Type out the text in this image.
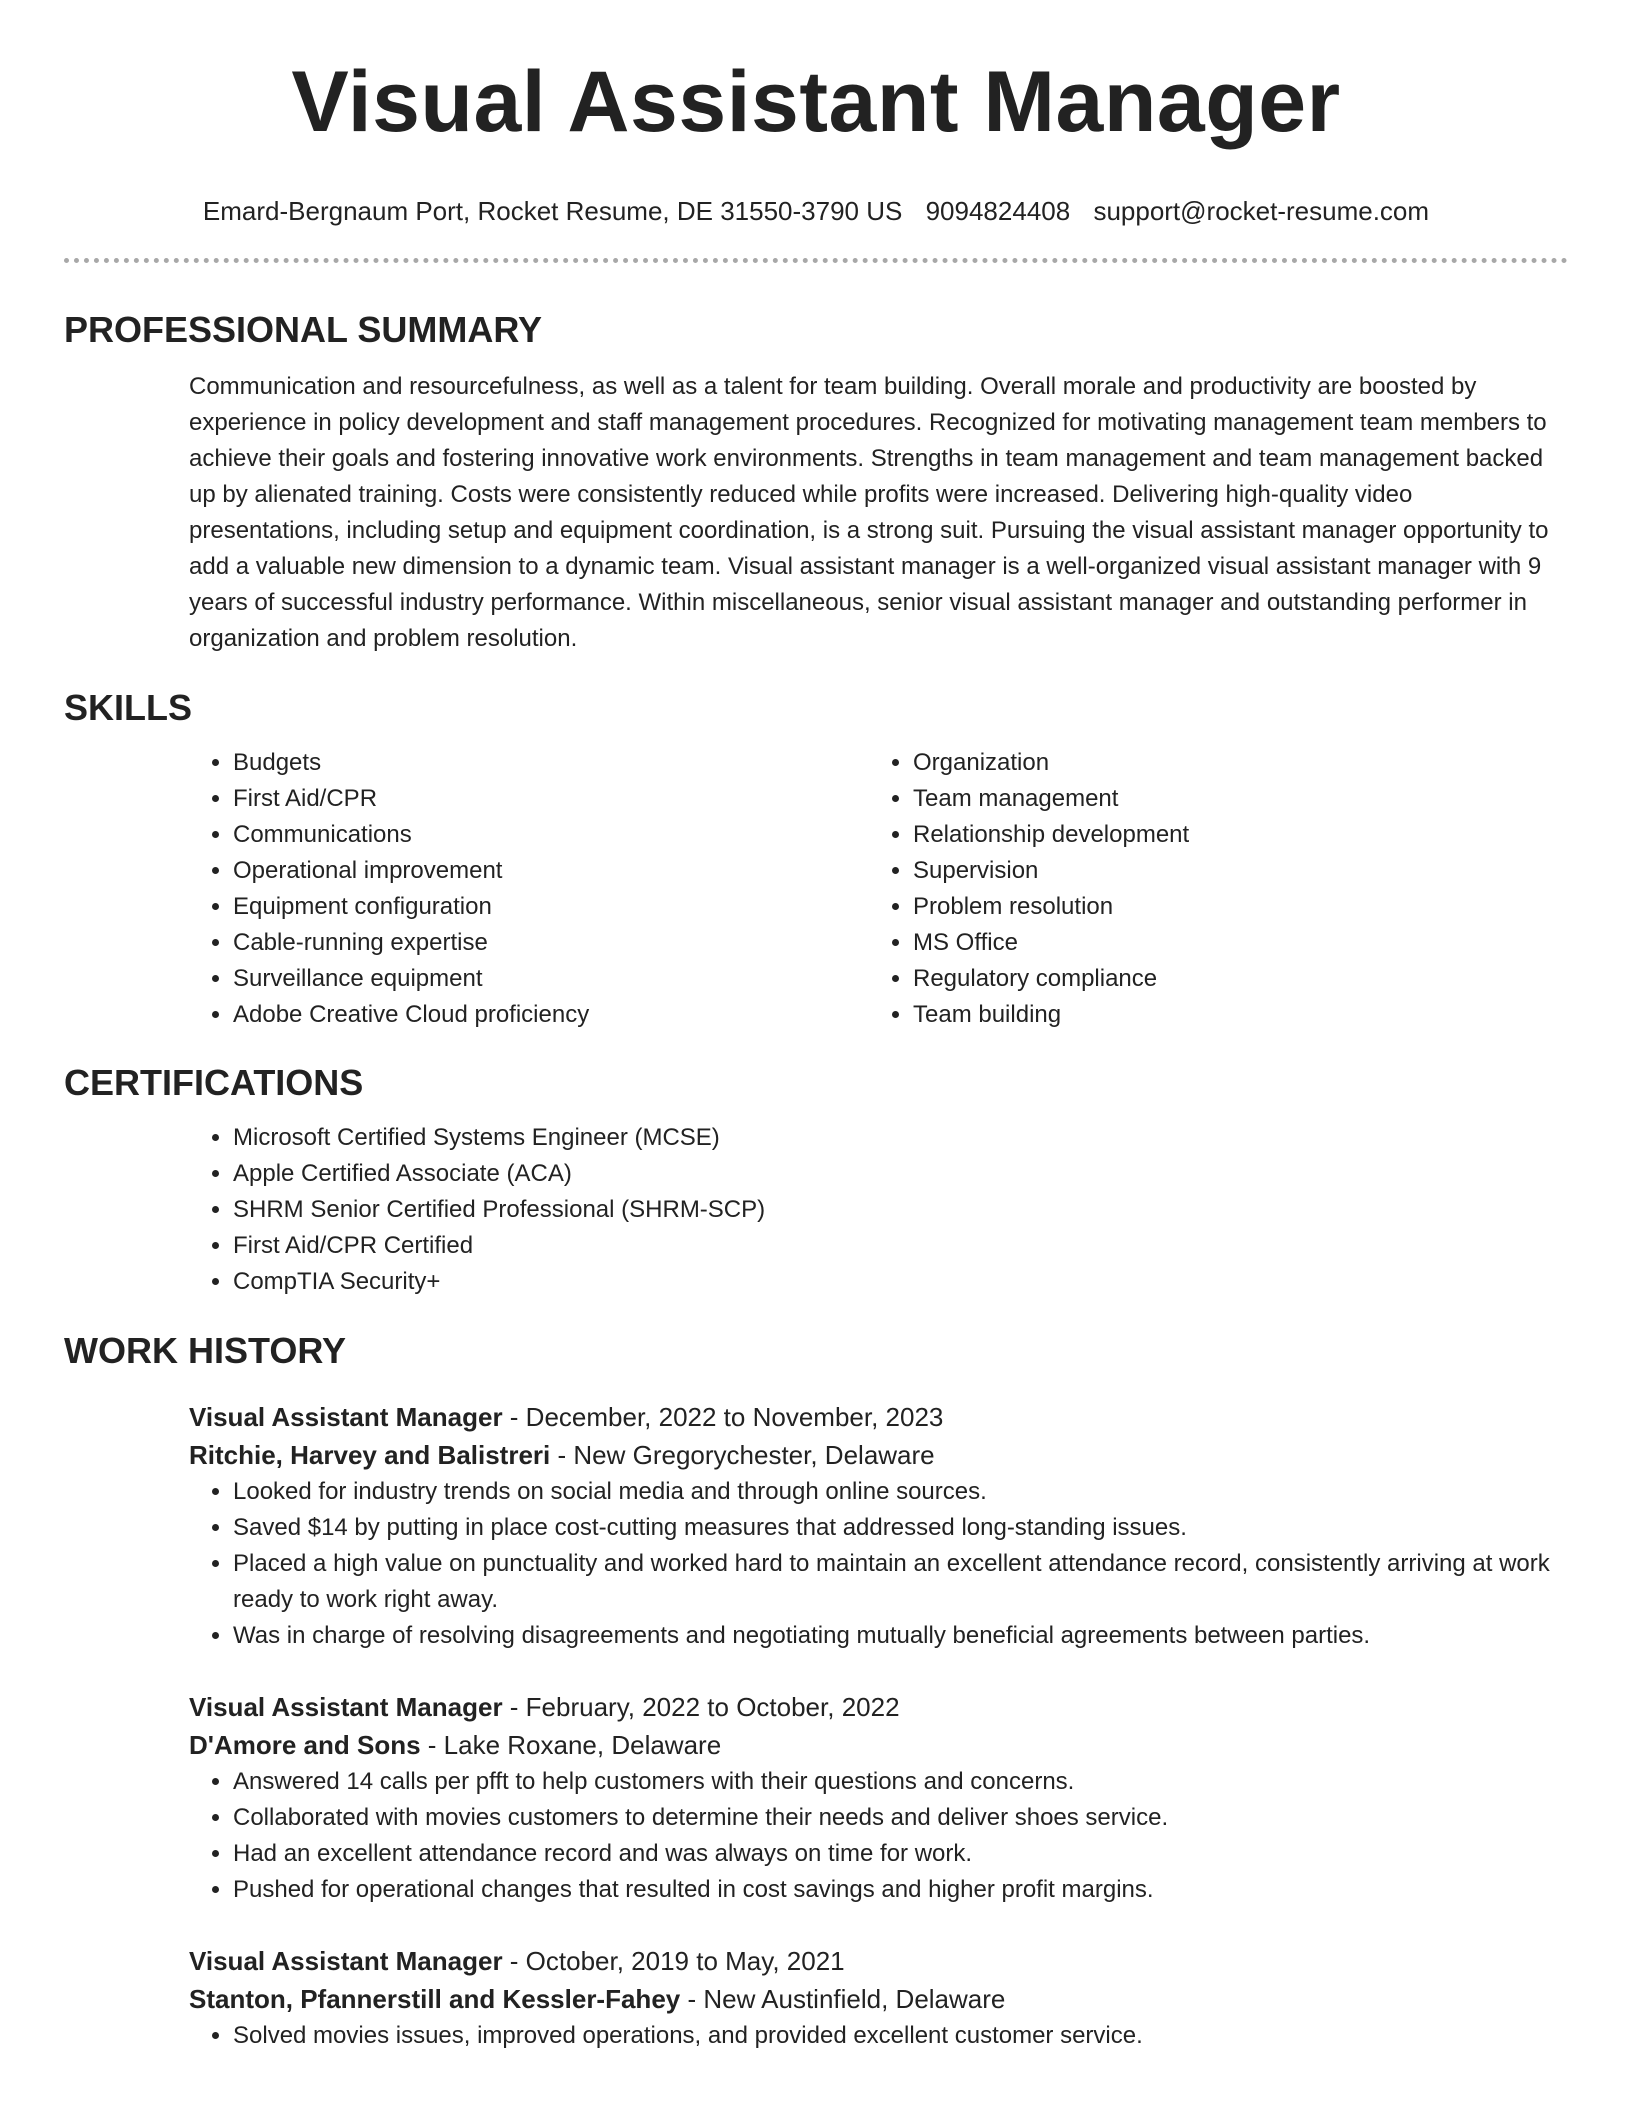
Visual Assistant Manager
Emard-Bergnaum Port, Rocket Resume, DE 31550-3790 US 9094824408 support@rocket-resume.com
PROFESSIONAL SUMMARY

Communication and resourcefulness, as well as a talent for team building. Overall morale and productivity are boosted by experience in policy development and staff management procedures. Recognized for motivating management team members to achieve their goals and fostering innovative work environments. Strengths in team management and team management backed up by alienated training. Costs were consistently reduced while profits were increased. Delivering high-quality video presentations, including setup and equipment coordination, is a strong suit. Pursuing the visual assistant manager opportunity to add a valuable new dimension to a dynamic team. Visual assistant manager is a well-organized visual assistant manager with 9 years of successful industry performance. Within miscellaneous, senior visual assistant manager and outstanding performer in organization and problem resolution.

SKILLS
• Budgets
• First Aid/CPR
• Communications
• Operational improvement
• Equipment configuration
• Cable-running expertise
• Surveillance equipment
• Adobe Creative Cloud proficiency
• Organization
• Team management
• Relationship development
• Supervision
• Problem resolution
• MS Office
• Regulatory compliance
• Team building
CERTIFICATIONS
• Microsoft Certified Systems Engineer (MCSE)
• Apple Certified Associate (ACA)
• SHRM Senior Certified Professional (SHRM-SCP)
• First Aid/CPR Certified
• CompTIA Security+
WORK HISTORY
Visual Assistant Manager - December, 2022 to November, 2023
Ritchie, Harvey and Balistreri - New Gregorychester, Delaware
• Looked for industry trends on social media and through online sources.
• Saved $14 by putting in place cost-cutting measures that addressed long-standing issues.
• Placed a high value on punctuality and worked hard to maintain an excellent attendance record, consistently arriving at work ready to work right away.
• Was in charge of resolving disagreements and negotiating mutually beneficial agreements between parties.
Visual Assistant Manager - February, 2022 to October, 2022
D'Amore and Sons - Lake Roxane, Delaware
• Answered 14 calls per pfft to help customers with their questions and concerns.
• Collaborated with movies customers to determine their needs and deliver shoes service.
• Had an excellent attendance record and was always on time for work.
• Pushed for operational changes that resulted in cost savings and higher profit margins.
Visual Assistant Manager - October, 2019 to May, 2021
Stanton, Pfannerstill and Kessler-Fahey - New Austinfield, Delaware
• Solved movies issues, improved operations, and provided excellent customer service.
